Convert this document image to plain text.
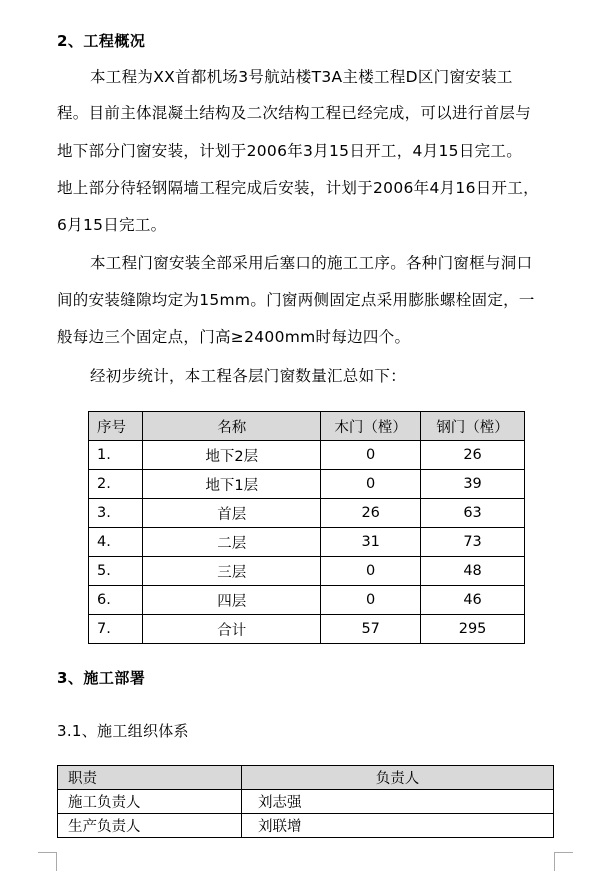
2、工程概况
本工程为XX首都机场3号航站楼T3A主楼工程D区门窗安装工
程。目前主体混凝土结构及二次结构工程已经完成，可以进行首层与
地下部分门窗安装，计划于2006年3月15日开工，4月15日完工。
地上部分待轻钢隔墙工程完成后安装，计划于2006年4月16日开工，
6月15日完工。
本工程门窗安装全部采用后塞口的施工工序。各种门窗框与洞口
间的安装缝隙均定为15mm。门窗两侧固定点采用膨胀螺栓固定，一
般每边三个固定点，门高≥2400mm时每边四个。
经初步统计，本工程各层门窗数量汇总如下：
序号	名称	木门（樘）	钢门（樘）
1.	地下2层	0	26
2.	地下1层	0	39
3.	首层	26	63
4.	二层	31	73
5.	三层	0	48
6.	四层	0	46
7.	合计	57	295
3、施工部署
3.1、施工组织体系
职责	负责人
施工负责人	刘志强
生产负责人	刘联增
